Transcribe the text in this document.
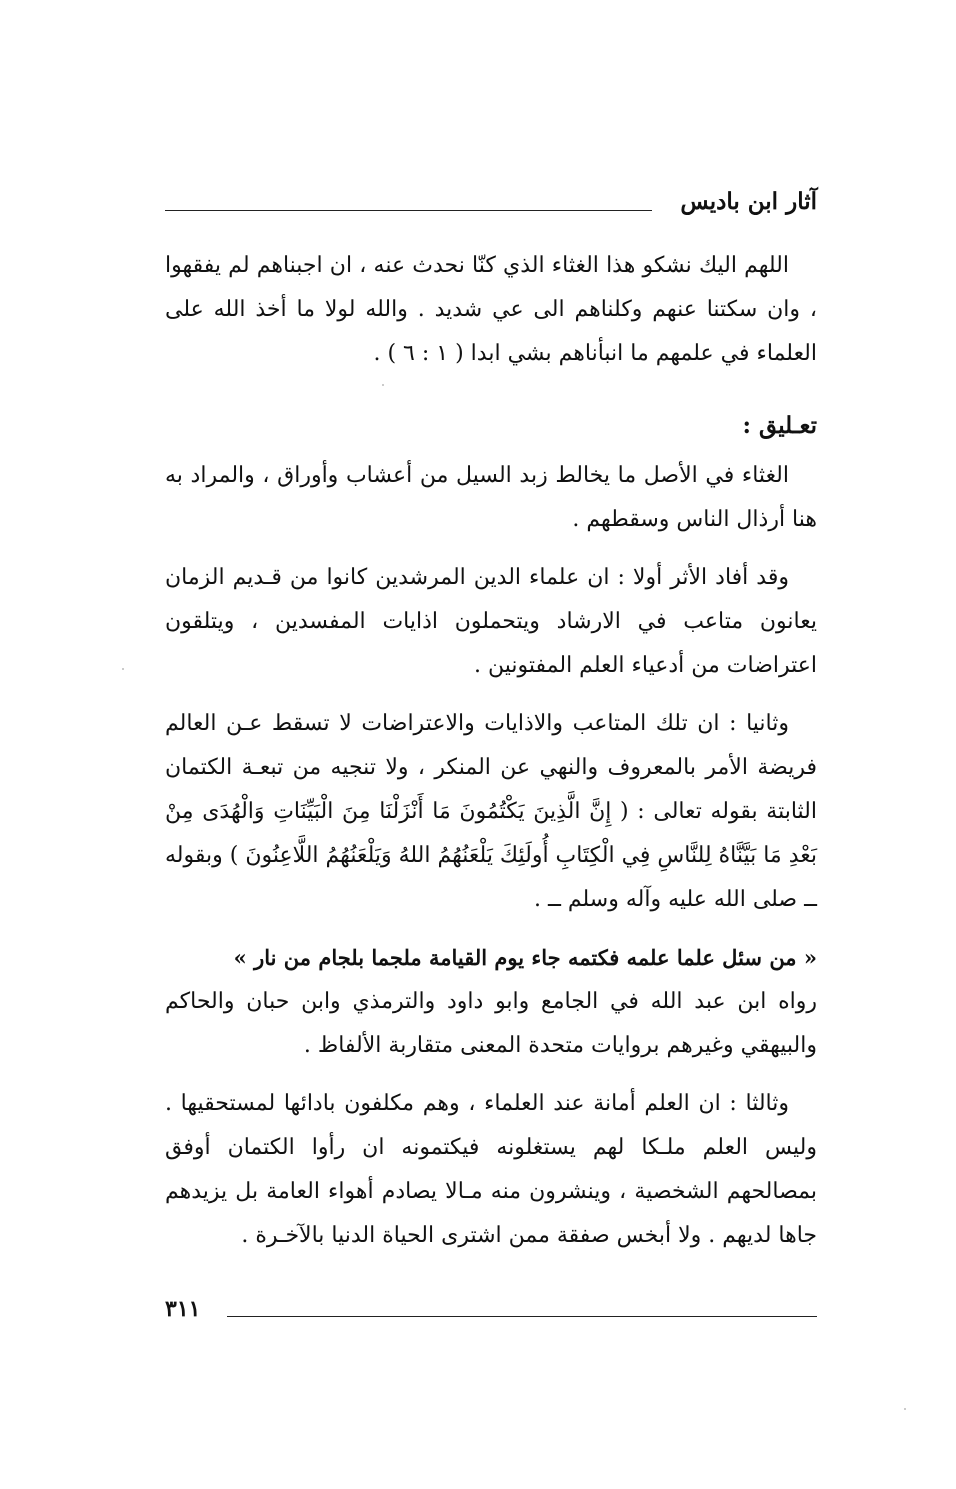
آثار ابن باديس

اللهم اليك نشكو هذا الغثاء الذي كنّا نحدث عنه ، ان اجبناهم لم يفقهوا ، وان سكتنا عنهم وكلناهم الى عي شديد . والله لولا ما أخذ الله على العلماء في علمهم ما انبأناهم بشي ابدا ( ١ : ٦ ) .

تعـليق :

الغثاء في الأصل ما يخالط زبد السيل من أعشاب وأوراق ، والمراد به هنا أرذال الناس وسقطهم .

وقد أفاد الأثر أولا : ان علماء الدين المرشدين كانوا من قـديم الزمان يعانون متاعب في الارشاد ويتحملون اذايات المفسدين ، ويتلقون اعتراضات من أدعياء العلم المفتونين .

وثانيا : ان تلك المتاعب والاذايات والاعتراضات لا تسقط عـن العالم فريضة الأمر بالمعروف والنهي عن المنكر ، ولا تنجيه من تبعـة الكتمان الثابتة بقوله تعالى : ( إِنَّ الَّذِينَ يَكْتُمُونَ مَا أَنْزَلْنَا مِنَ الْبَيِّنَاتِ وَالْهُدَى مِنْ بَعْدِ مَا بَيَّنَّاهُ لِلنَّاسِ فِي الْكِتَابِ أُولَئِكَ يَلْعَنُهُمُ اللهُ وَيَلْعَنُهُمُ اللَّاعِنُونَ ) وبقوله ــ صلى الله عليه وآله وسلم ــ .

« من سئل علما علمه فكتمه جاء يوم القيامة ملجما بلجام من نار »

رواه ابن عبد الله في الجامع وابو داود والترمذي وابن حبان والحاكم والبيهقي وغيرهم بروايات متحدة المعنى متقاربة الألفاظ .

وثالثا : ان العلم أمانة عند العلماء ، وهم مكلفون بادائها لمستحقيها . وليس العلم ملـكا لهم يستغلونه فيكتمونه ان رأوا الكتمان أوفق بمصالحهم الشخصية ، وينشرون منه مـالا يصادم أهواء العامة بل يزيدهم جاها لديهم . ولا أبخس صفقة ممن اشترى الحياة الدنيا بالآخـرة .

٣١١
